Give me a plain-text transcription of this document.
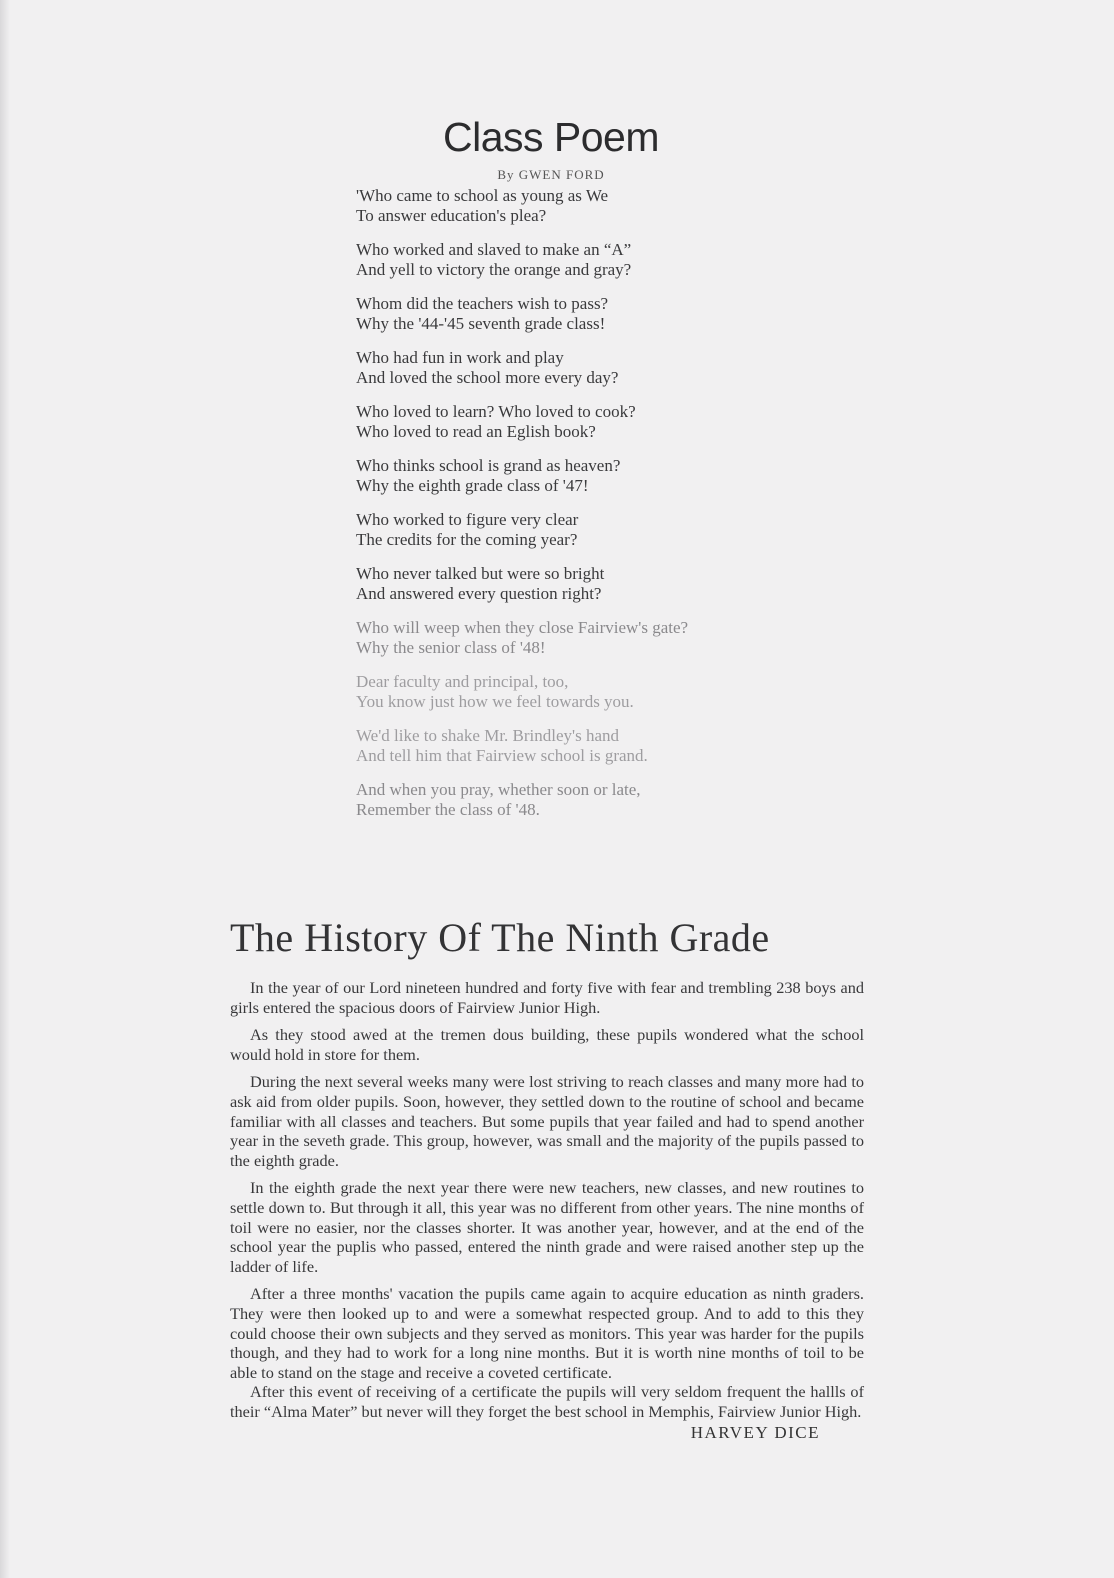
Class Poem

By GWEN FORD

'Who came to school as young as We
To answer education's plea?
Who worked and slaved to make an “A”
And yell to victory the orange and gray?
Whom did the teachers wish to pass?
Why the '44-'45 seventh grade class!
Who had fun in work and play
And loved the school more every day?
Who loved to learn? Who loved to cook?
Who loved to read an Eglish book?
Who thinks school is grand as heaven?
Why the eighth grade class of '47!
Who worked to figure very clear
The credits for the coming year?
Who never talked but were so bright
And answered every question right?
Who will weep when they close Fairview's gate?
Why the senior class of '48!
Dear faculty and principal, too,
You know just how we feel towards you.
We'd like to shake Mr. Brindley's hand
And tell him that Fairview school is grand.
And when you pray, whether soon or late,
Remember the class of '48.
The History Of The Ninth Grade

In the year of our Lord nineteen hundred and forty five with fear and trembling 238 boys and girls entered the spacious doors of Fairview Junior High.

As they stood awed at the tremen dous building, these pupils wondered what the school would hold in store for them.

During the next several weeks many were lost striving to reach classes and many more had to ask aid from older pupils. Soon, however, they settled down to the routine of school and became familiar with all classes and teachers. But some pupils that year failed and had to spend another year in the seveth grade. This group, however, was small and the majority of the pupils passed to the eighth grade.

In the eighth grade the next year there were new teachers, new classes, and new routines to settle down to. But through it all, this year was no different from other years. The nine months of toil were no easier, nor the classes shorter. It was another year, however, and at the end of the school year the puplis who passed, entered the ninth grade and were raised another step up the ladder of life.

After a three months' vacation the pupils came again to acquire education as ninth graders. They were then looked up to and were a somewhat respected group. And to add to this they could choose their own subjects and they served as monitors. This year was harder for the pupils though, and they had to work for a long nine months. But it is worth nine months of toil to be able to stand on the stage and receive a coveted certificate.

After this event of receiving of a certificate the pupils will very seldom frequent the hallls of their “Alma Mater” but never will they forget the best school in Memphis, Fairview Junior High.

HARVEY DICE
